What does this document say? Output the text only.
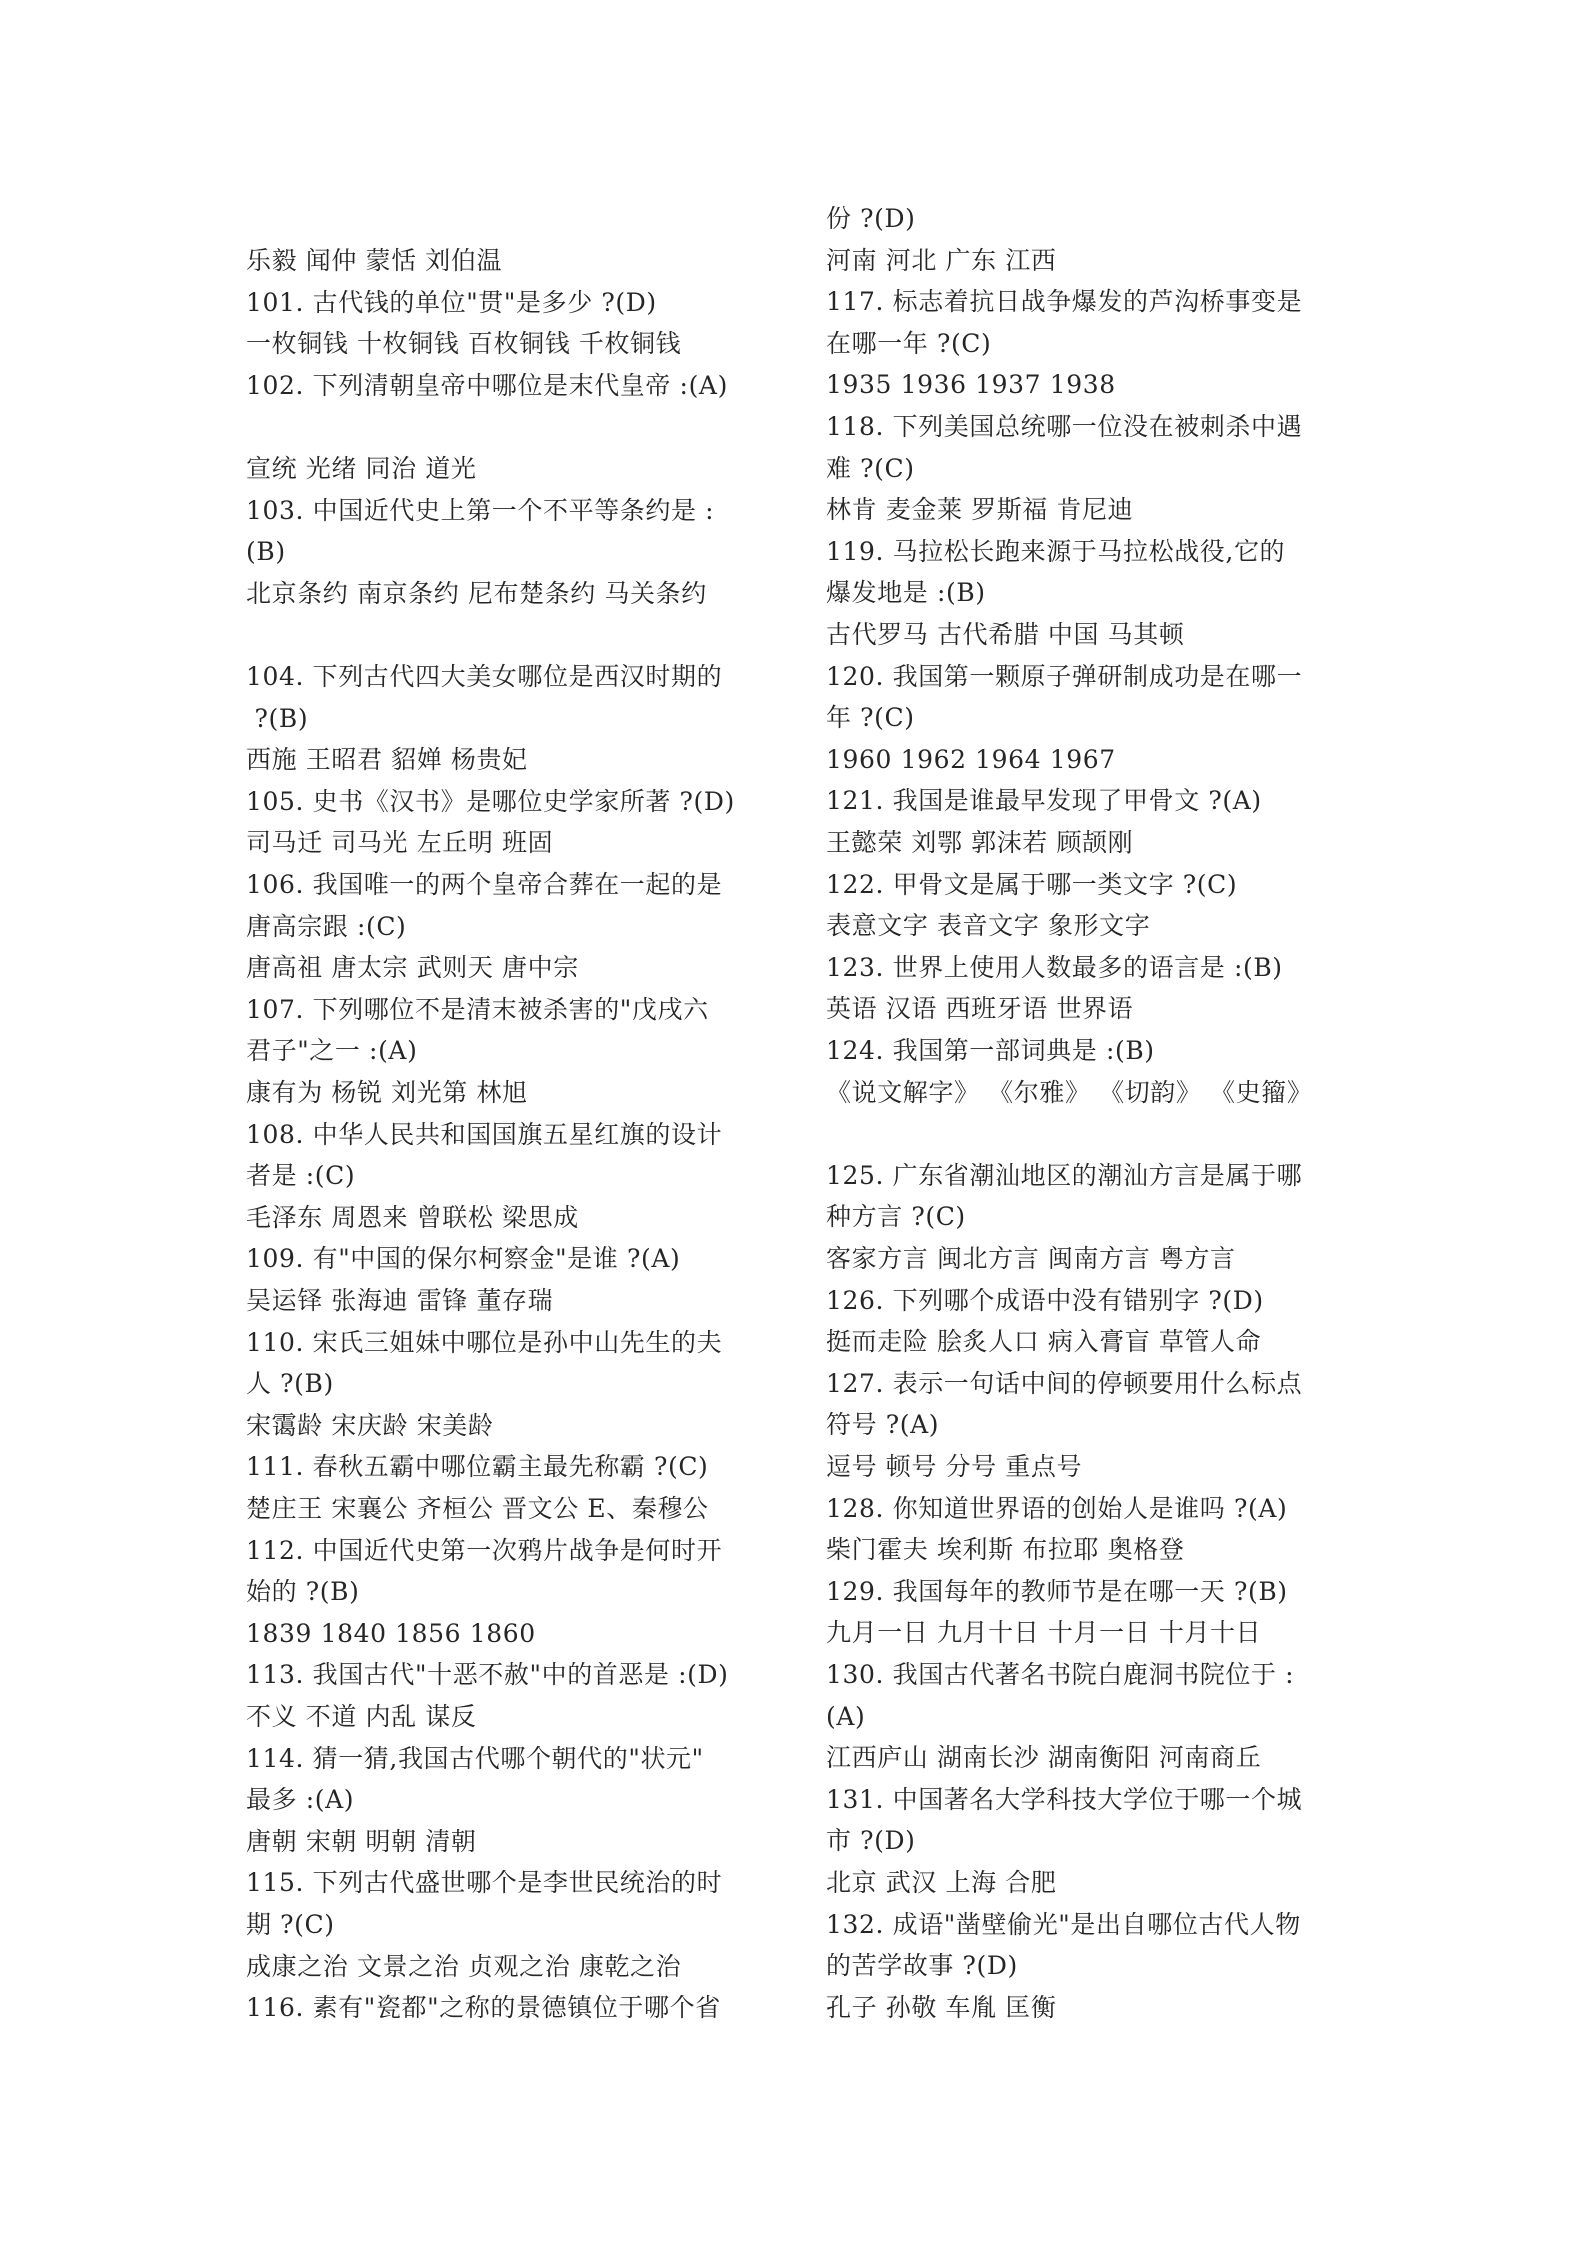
乐毅 闻仲 蒙恬 刘伯温
101. 古代钱的单位"贯"是多少 ?(D)
一枚铜钱 十枚铜钱 百枚铜钱 千枚铜钱
102. 下列清朝皇帝中哪位是末代皇帝 :(A)
宣统 光绪 同治 道光
103. 中国近代史上第一个不平等条约是 :
(B)
北京条约 南京条约 尼布楚条约 马关条约
104. 下列古代四大美女哪位是西汉时期的
?(B)
西施 王昭君 貂婵 杨贵妃
105. 史书《汉书》是哪位史学家所著 ?(D)
司马迁 司马光 左丘明 班固
106. 我国唯一的两个皇帝合葬在一起的是
唐高宗跟 :(C)
唐高祖 唐太宗 武则天 唐中宗
107. 下列哪位不是清末被杀害的"戊戌六
君子"之一 :(A)
康有为 杨锐 刘光第 林旭
108. 中华人民共和国国旗五星红旗的设计
者是 :(C)
毛泽东 周恩来 曾联松 梁思成
109. 有"中国的保尔柯察金"是谁 ?(A)
吴运铎 张海迪 雷锋 董存瑞
110. 宋氏三姐妹中哪位是孙中山先生的夫
人 ?(B)
宋霭龄 宋庆龄 宋美龄
111. 春秋五霸中哪位霸主最先称霸 ?(C)
楚庄王 宋襄公 齐桓公 晋文公 E、秦穆公
112. 中国近代史第一次鸦片战争是何时开
始的 ?(B)
1839 1840 1856 1860
113. 我国古代"十恶不赦"中的首恶是 :(D)
不义 不道 内乱 谋反
114. 猜一猜,我国古代哪个朝代的"状元"
最多 :(A)
唐朝 宋朝 明朝 清朝
115. 下列古代盛世哪个是李世民统治的时
期 ?(C)
成康之治 文景之治 贞观之治 康乾之治
116. 素有"瓷都"之称的景德镇位于哪个省
份 ?(D)
河南 河北 广东 江西
117. 标志着抗日战争爆发的芦沟桥事变是
在哪一年 ?(C)
1935 1936 1937 1938
118. 下列美国总统哪一位没在被刺杀中遇
难 ?(C)
林肯 麦金莱 罗斯福 肯尼迪
119. 马拉松长跑来源于马拉松战役,它的
爆发地是 :(B)
古代罗马 古代希腊 中国 马其顿
120. 我国第一颗原子弹研制成功是在哪一
年 ?(C)
1960 1962 1964 1967
121. 我国是谁最早发现了甲骨文 ?(A)
王懿荣 刘鄂 郭沫若 顾颉刚
122. 甲骨文是属于哪一类文字 ?(C)
表意文字 表音文字 象形文字
123. 世界上使用人数最多的语言是 :(B)
英语 汉语 西班牙语 世界语
124. 我国第一部词典是 :(B)
《说文解字》 《尔雅》 《切韵》 《史籀》
125. 广东省潮汕地区的潮汕方言是属于哪
种方言 ?(C)
客家方言 闽北方言 闽南方言 粤方言
126. 下列哪个成语中没有错别字 ?(D)
挺而走险 脍炙人口 病入膏盲 草管人命
127. 表示一句话中间的停顿要用什么标点
符号 ?(A)
逗号 顿号 分号 重点号
128. 你知道世界语的创始人是谁吗 ?(A)
柴门霍夫 埃利斯 布拉耶 奥格登
129. 我国每年的教师节是在哪一天 ?(B)
九月一日 九月十日 十月一日 十月十日
130. 我国古代著名书院白鹿洞书院位于 :
(A)
江西庐山 湖南长沙 湖南衡阳 河南商丘
131. 中国著名大学科技大学位于哪一个城
市 ?(D)
北京 武汉 上海 合肥
132. 成语"凿壁偷光"是出自哪位古代人物
的苦学故事 ?(D)
孔子 孙敬 车胤 匡衡
